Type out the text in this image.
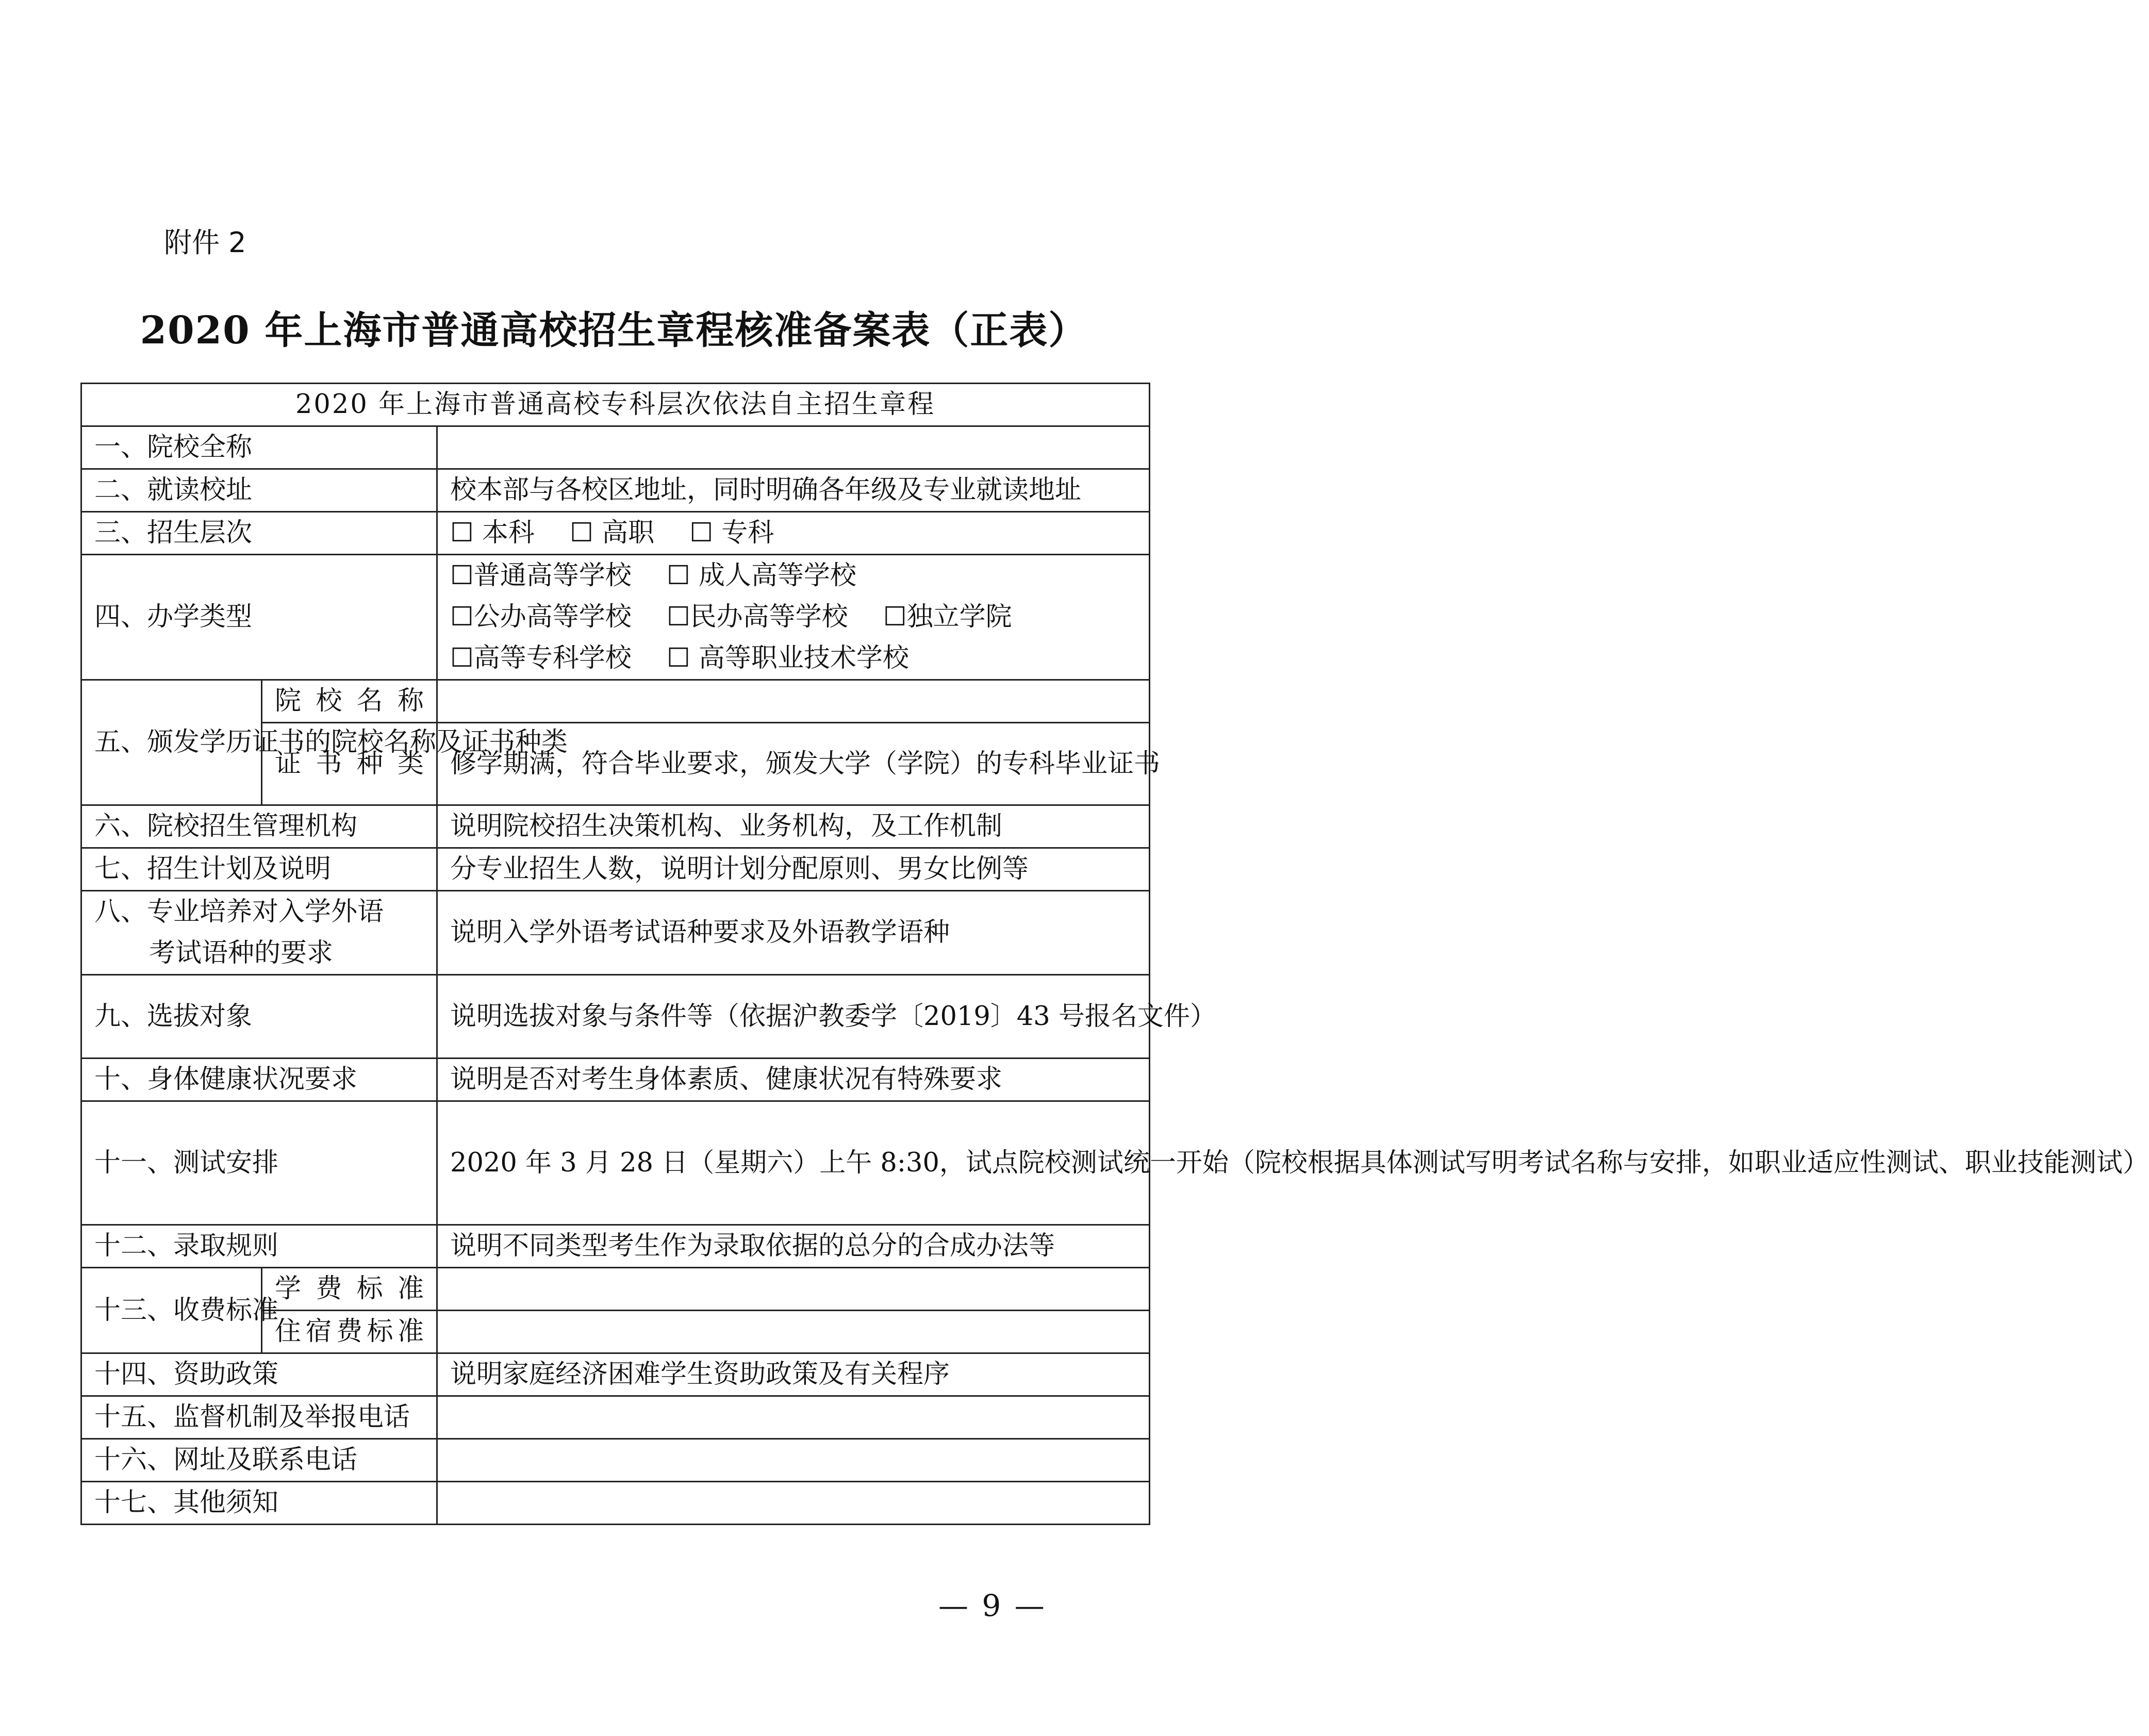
附件 2
2020 年上海市普通高校招生章程核准备案表（正表）
2020 年上海市普通高校专科层次依法自主招生章程		
一、院校全称		
二、就读校址		校本部与各校区地址，同时明确各年级及专业就读地址
三、招生层次		☐ 本科 ☐ 高职 ☐ 专科
四、办学类型		☐普通高等学校 ☐ 成人高等学校
☐公办高等学校 ☐民办高等学校 ☐独立学院
☐高等专科学校 ☐ 高等职业技术学校

五、颁发学历证书的院校名称及证书种类	院校名称	
	证书种类	修学期满，符合毕业要求，颁发大学（学院）的专科毕业证书
六、院校招生管理机构		说明院校招生决策机构、业务机构，及工作机制
七、招生计划及说明		分专业招生人数，说明计划分配原则、男女比例等

八、专业培养对入学外语
考试语种的要求		说明入学外语考试语种要求及外语教学语种
九、选拔对象		说明选拔对象与条件等（依据沪教委学〔2019〕43 号报名文件）
十、身体健康状况要求		说明是否对考生身体素质、健康状况有特殊要求
十一、测试安排		2020 年 3 月 28 日（星期六）上午 8:30，试点院校测试统一开始（院校根据具体测试写明考试名称与安排，如职业适应性测试、职业技能测试）
十二、录取规则		说明不同类型考生作为录取依据的总分的合成办法等
十三、收费标准	学费标准	
	住宿费标准	
十四、资助政策		说明家庭经济困难学生资助政策及有关程序
十五、监督机制及举报电话		
十六、网址及联系电话		
十七、其他须知		
— 9 —
